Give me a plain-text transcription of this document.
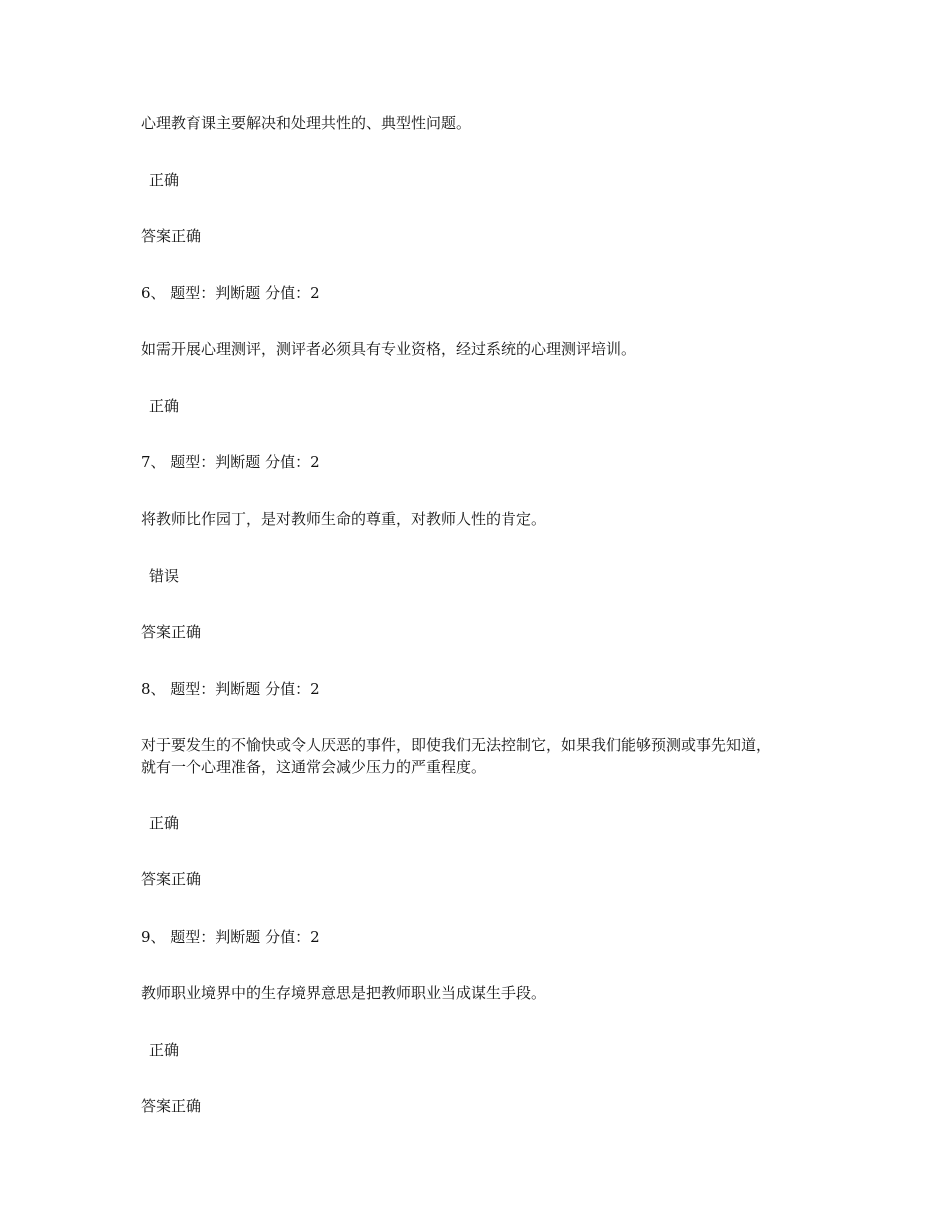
心理教育课主要解决和处理共性的、典型性问题。
正确
答案正确
6、 题型：判断题 分值：2
如需开展心理测评，测评者必须具有专业资格，经过系统的心理测评培训。
正确
7、 题型：判断题 分值：2
将教师比作园丁，是对教师生命的尊重，对教师人性的肯定。
错误
答案正确
8、 题型：判断题 分值：2
对于要发生的不愉快或令人厌恶的事件，即使我们无法控制它，如果我们能够预测或事先知道，
就有一个心理准备，这通常会减少压力的严重程度。
正确
答案正确
9、 题型：判断题 分值：2
教师职业境界中的生存境界意思是把教师职业当成谋生手段。
正确
答案正确
